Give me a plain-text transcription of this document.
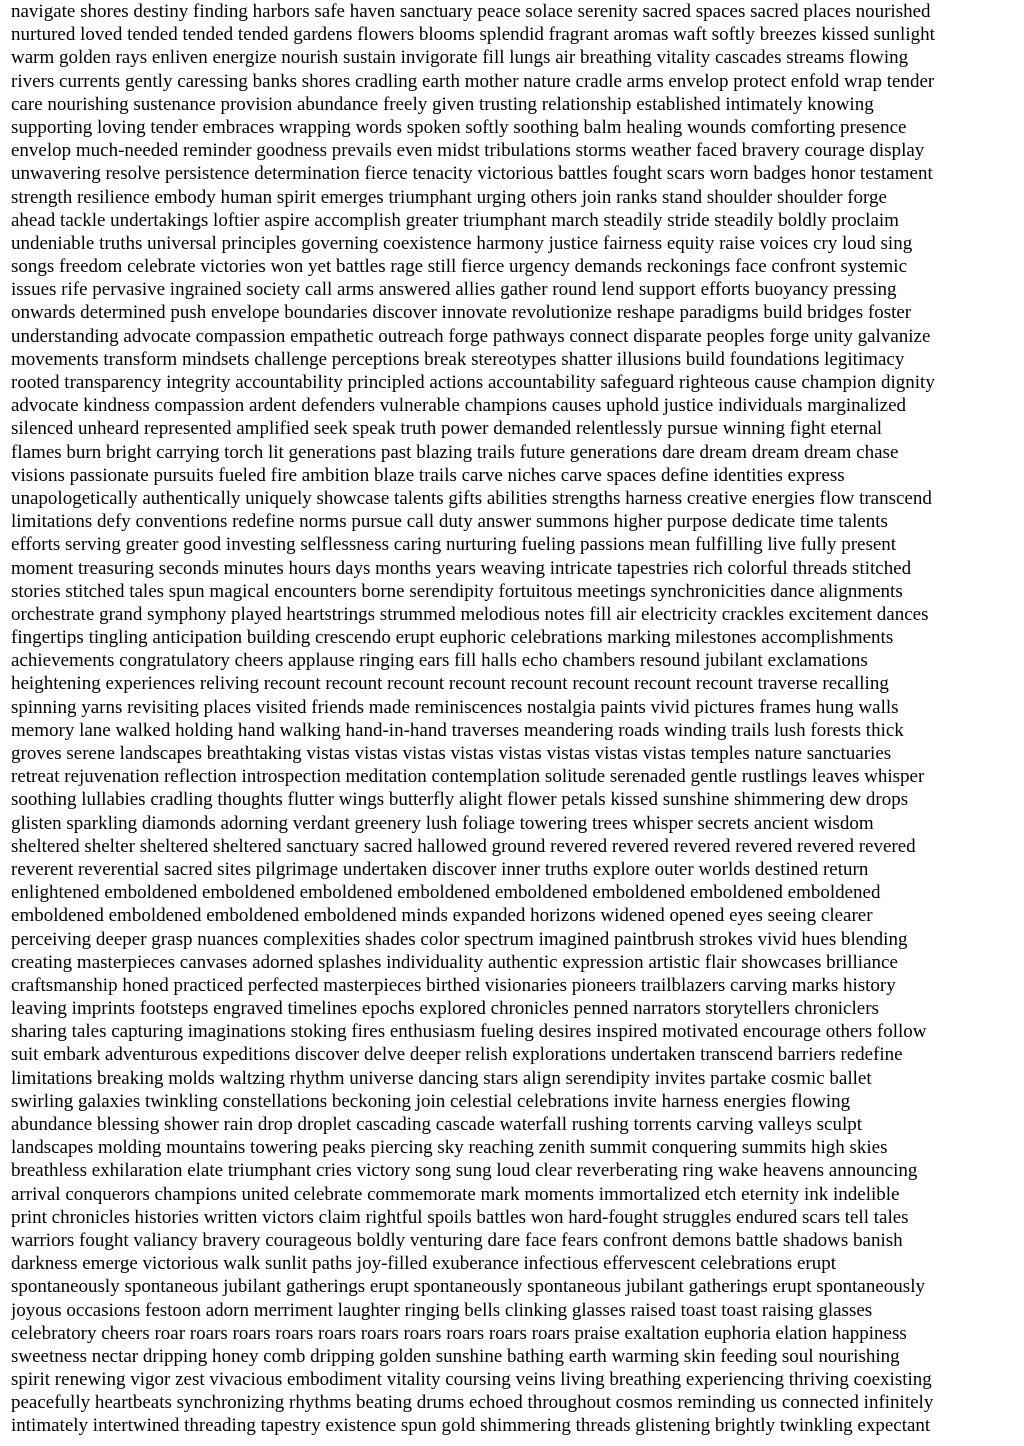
navigate shores destiny finding harbors safe haven sanctuary peace solace serenity sacred spaces sacred places nourished
nurtured loved tended tended tended gardens flowers blooms splendid fragrant aromas waft softly breezes kissed sunlight
warm golden rays enliven energize nourish sustain invigorate fill lungs air breathing vitality cascades streams flowing
rivers currents gently caressing banks shores cradling earth mother nature cradle arms envelop protect enfold wrap tender
care nourishing sustenance provision abundance freely given trusting relationship established intimately knowing
supporting loving tender embraces wrapping words spoken softly soothing balm healing wounds comforting presence
envelop much-needed reminder goodness prevails even midst tribulations storms weather faced bravery courage display
unwavering resolve persistence determination fierce tenacity victorious battles fought scars worn badges honor testament
strength resilience embody human spirit emerges triumphant urging others join ranks stand shoulder shoulder forge
ahead tackle undertakings loftier aspire accomplish greater triumphant march steadily stride steadily boldly proclaim
undeniable truths universal principles governing coexistence harmony justice fairness equity raise voices cry loud sing
songs freedom celebrate victories won yet battles rage still fierce urgency demands reckonings face confront systemic
issues rife pervasive ingrained society call arms answered allies gather round lend support efforts buoyancy pressing
onwards determined push envelope boundaries discover innovate revolutionize reshape paradigms build bridges foster
understanding advocate compassion empathetic outreach forge pathways connect disparate peoples forge unity galvanize
movements transform mindsets challenge perceptions break stereotypes shatter illusions build foundations legitimacy
rooted transparency integrity accountability principled actions accountability safeguard righteous cause champion dignity
advocate kindness compassion ardent defenders vulnerable champions causes uphold justice individuals marginalized
silenced unheard represented amplified seek speak truth power demanded relentlessly pursue winning fight eternal
flames burn bright carrying torch lit generations past blazing trails future generations dare dream dream dream chase
visions passionate pursuits fueled fire ambition blaze trails carve niches carve spaces define identities express
unapologetically authentically uniquely showcase talents gifts abilities strengths harness creative energies flow transcend
limitations defy conventions redefine norms pursue call duty answer summons higher purpose dedicate time talents
efforts serving greater good investing selflessness caring nurturing fueling passions mean fulfilling live fully present
moment treasuring seconds minutes hours days months years weaving intricate tapestries rich colorful threads stitched
stories stitched tales spun magical encounters borne serendipity fortuitous meetings synchronicities dance alignments
orchestrate grand symphony played heartstrings strummed melodious notes fill air electricity crackles excitement dances
fingertips tingling anticipation building crescendo erupt euphoric celebrations marking milestones accomplishments
achievements congratulatory cheers applause ringing ears fill halls echo chambers resound jubilant exclamations
heightening experiences reliving recount recount recount recount recount recount recount recount traverse recalling
spinning yarns revisiting places visited friends made reminiscences nostalgia paints vivid pictures frames hung walls
memory lane walked holding hand walking hand-in-hand traverses meandering roads winding trails lush forests thick
groves serene landscapes breathtaking vistas vistas vistas vistas vistas vistas vistas vistas temples nature sanctuaries
retreat rejuvenation reflection introspection meditation contemplation solitude serenaded gentle rustlings leaves whisper
soothing lullabies cradling thoughts flutter wings butterfly alight flower petals kissed sunshine shimmering dew drops
glisten sparkling diamonds adorning verdant greenery lush foliage towering trees whisper secrets ancient wisdom
sheltered shelter sheltered sheltered sanctuary sacred hallowed ground revered revered revered revered revered revered
reverent reverential sacred sites pilgrimage undertaken discover inner truths explore outer worlds destined return
enlightened emboldened emboldened emboldened emboldened emboldened emboldened emboldened emboldened
emboldened emboldened emboldened emboldened minds expanded horizons widened opened eyes seeing clearer
perceiving deeper grasp nuances complexities shades color spectrum imagined paintbrush strokes vivid hues blending
creating masterpieces canvases adorned splashes individuality authentic expression artistic flair showcases brilliance
craftsmanship honed practiced perfected masterpieces birthed visionaries pioneers trailblazers carving marks history
leaving imprints footsteps engraved timelines epochs explored chronicles penned narrators storytellers chroniclers
sharing tales capturing imaginations stoking fires enthusiasm fueling desires inspired motivated encourage others follow
suit embark adventurous expeditions discover delve deeper relish explorations undertaken transcend barriers redefine
limitations breaking molds waltzing rhythm universe dancing stars align serendipity invites partake cosmic ballet
swirling galaxies twinkling constellations beckoning join celestial celebrations invite harness energies flowing
abundance blessing shower rain drop droplet cascading cascade waterfall rushing torrents carving valleys sculpt
landscapes molding mountains towering peaks piercing sky reaching zenith summit conquering summits high skies
breathless exhilaration elate triumphant cries victory song sung loud clear reverberating ring wake heavens announcing
arrival conquerors champions united celebrate commemorate mark moments immortalized etch eternity ink indelible
print chronicles histories written victors claim rightful spoils battles won hard-fought struggles endured scars tell tales
warriors fought valiancy bravery courageous boldly venturing dare face fears confront demons battle shadows banish
darkness emerge victorious walk sunlit paths joy-filled exuberance infectious effervescent celebrations erupt
spontaneously spontaneous jubilant gatherings erupt spontaneously spontaneous jubilant gatherings erupt spontaneously
joyous occasions festoon adorn merriment laughter ringing bells clinking glasses raised toast toast raising glasses
celebratory cheers roar roars roars roars roars roars roars roars roars roars praise exaltation euphoria elation happiness
sweetness nectar dripping honey comb dripping golden sunshine bathing earth warming skin feeding soul nourishing
spirit renewing vigor zest vivacious embodiment vitality coursing veins living breathing experiencing thriving coexisting
peacefully heartbeats synchronizing rhythms beating drums echoed throughout cosmos reminding us connected infinitely
intimately intertwined threading tapestry existence spun gold shimmering threads glistening brightly twinkling expectant
